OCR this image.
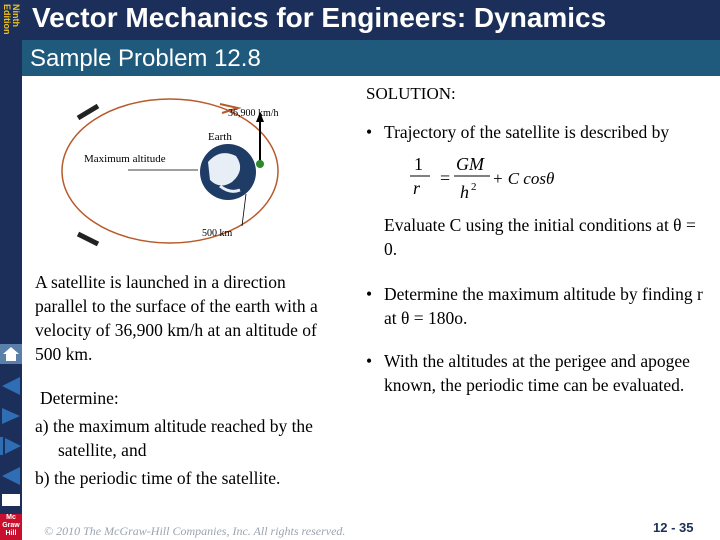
Ninth Edition Vector Mechanics for Engineers: Dynamics
Sample Problem 12.8
Mc Graw Hill
36,900 km/h
Earth
Maximum altitude
500 km
A satellite is launched in a direction parallel to the surface of the earth with a velocity of 36,900 km/h at an altitude of 500 km.
Determine:
a) the maximum altitude reached by the satellite, and
b) the periodic time of the satellite.
SOLUTION:
• Trajectory of the satellite is described by
1
r =
GM
h 2 + C cosθ
Evaluate C using the initial conditions at θ = 0.
• Determine the maximum altitude by finding r at θ = 180o.
• With the altitudes at the perigee and apogee known, the periodic time can be evaluated.
© 2010 The McGraw-Hill Companies, Inc. All rights reserved.	12 - 35
